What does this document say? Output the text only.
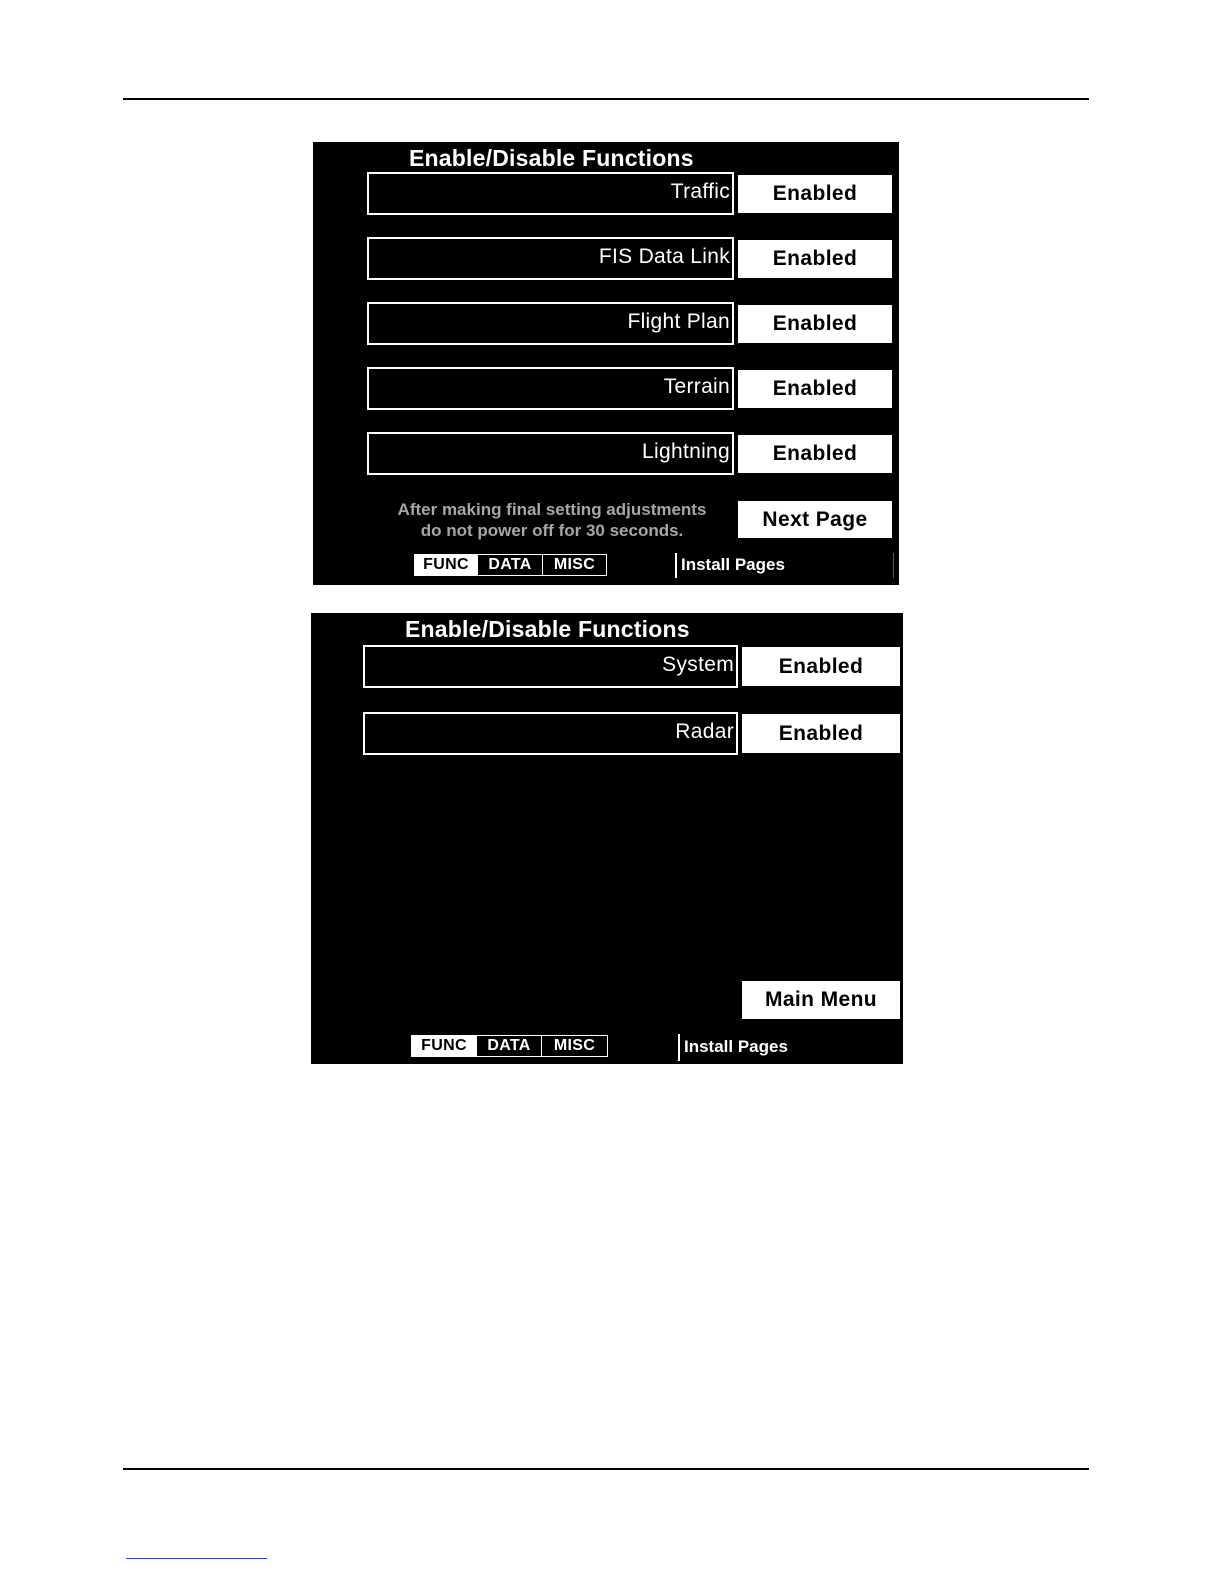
Enable/Disable Functions
Traffic	Enabled
FIS Data Link	Enabled
Flight Plan	Enabled
Terrain	Enabled
Lightning	Enabled
After making final setting adjustments
do not power off for 30 seconds.	Next Page
FUNC	DATA	MISC	Install Pages
Enable/Disable Functions
System	Enabled
Radar	Enabled
Main Menu
FUNC	DATA	MISC	Install Pages
